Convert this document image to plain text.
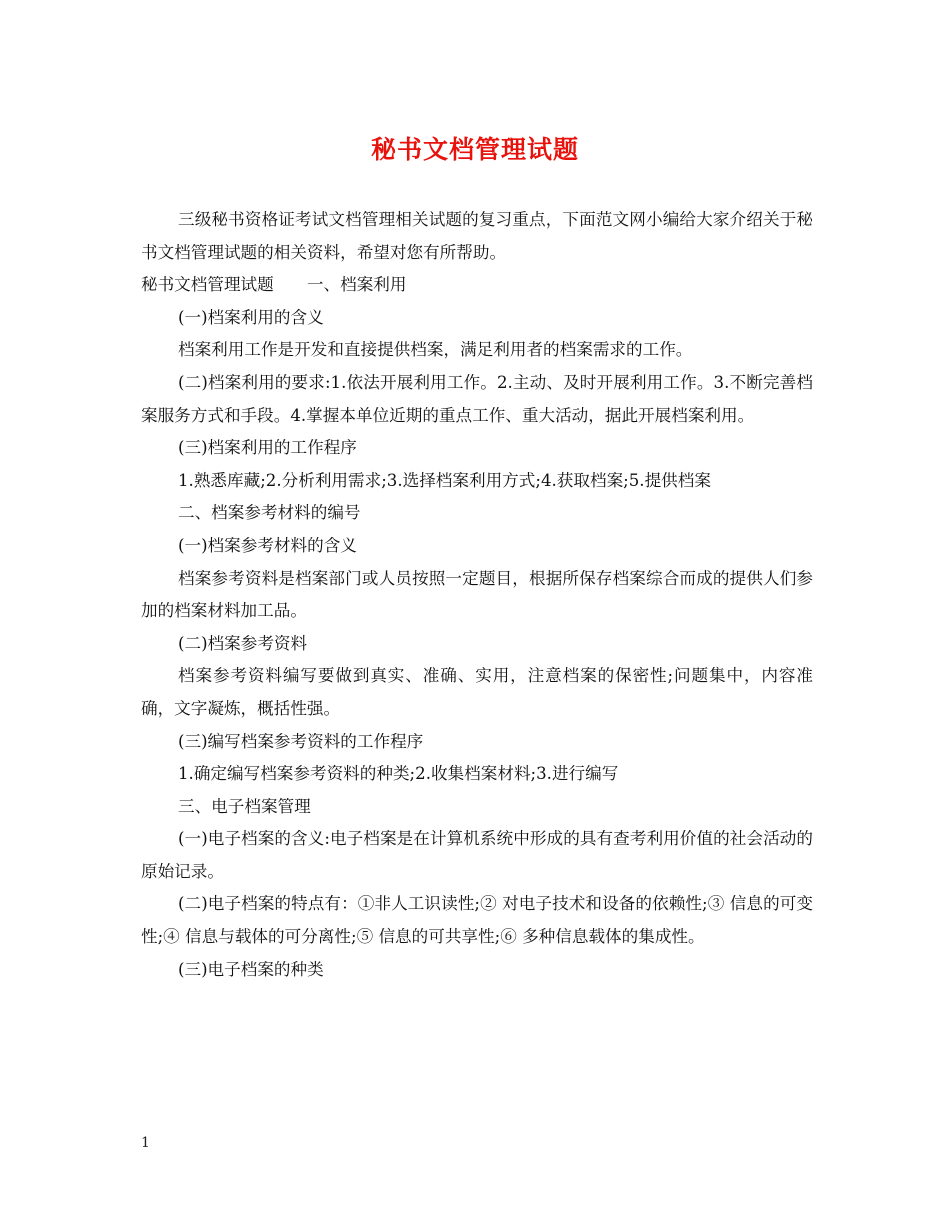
秘书文档管理试题

三级秘书资格证考试文档管理相关试题的复习重点，下面范文网小编给大家介绍关于秘书文档管理试题的相关资料，希望对您有所帮助。

秘书文档管理试题　　一、档案利用

(一)档案利用的含义

档案利用工作是开发和直接提供档案，满足利用者的档案需求的工作。

(二)档案利用的要求:1.依法开展利用工作。2.主动、及时开展利用工作。3.不断完善档案服务方式和手段。4.掌握本单位近期的重点工作、重大活动，据此开展档案利用。

(三)档案利用的工作程序

1.熟悉库藏;2.分析利用需求;3.选择档案利用方式;4.获取档案;5.提供档案

二、档案参考材料的编号

(一)档案参考材料的含义

档案参考资料是档案部门或人员按照一定题目，根据所保存档案综合而成的提供人们参加的档案材料加工品。

(二)档案参考资料

档案参考资料编写要做到真实、准确、实用，注意档案的保密性;问题集中，内容准确，文字凝炼，概括性强。

(三)编写档案参考资料的工作程序

1.确定编写档案参考资料的种类;2.收集档案材料;3.进行编写

三、电子档案管理

(一)电子档案的含义:电子档案是在计算机系统中形成的具有查考利用价值的社会活动的原始记录。

(二)电子档案的特点有：①非人工识读性;② 对电子技术和设备的依赖性;③ 信息的可变性;④ 信息与载体的可分离性;⑤ 信息的可共享性;⑥ 多种信息载体的集成性。

(三)电子档案的种类

1
